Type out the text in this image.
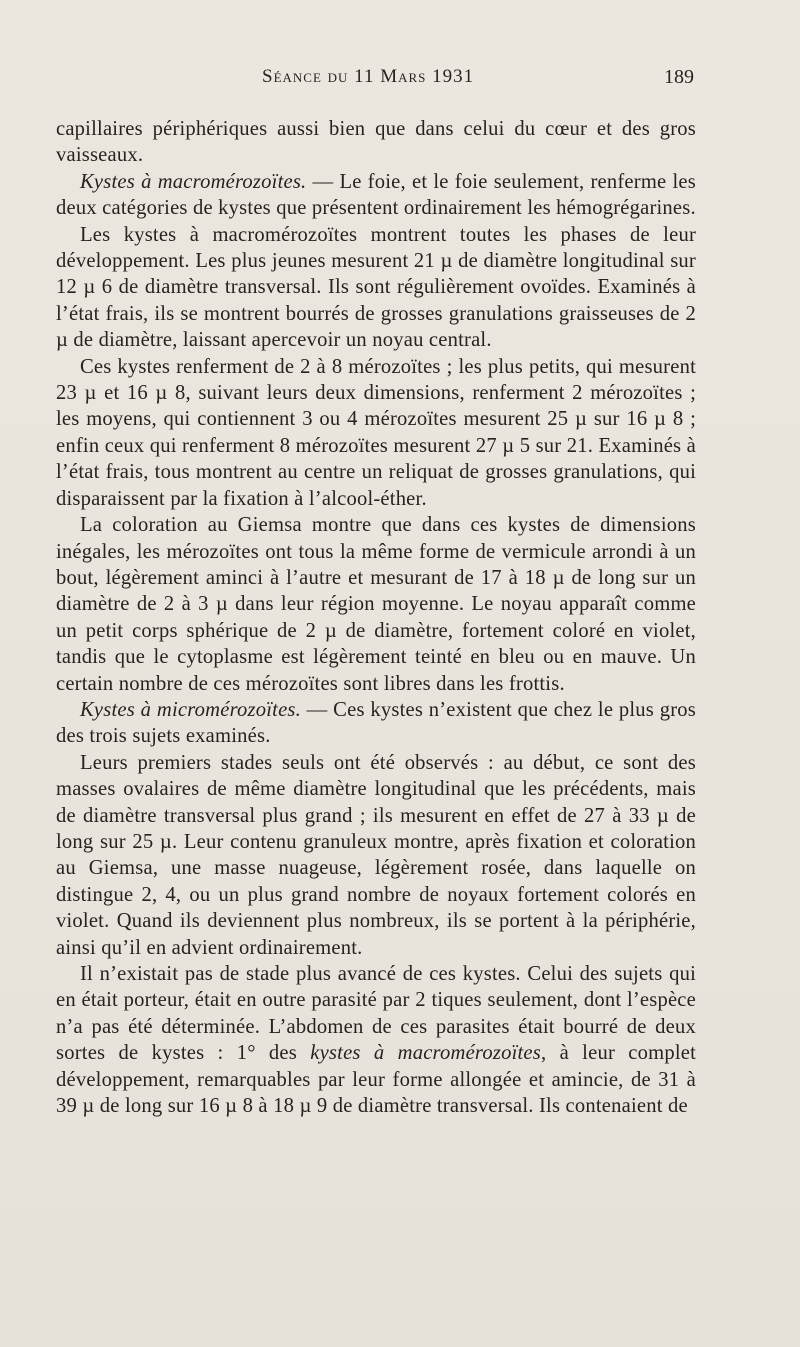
Séance du 11 Mars 1931	189

capillaires périphériques aussi bien que dans celui du cœur et des gros vaisseaux.

Kystes à macromérozoïtes. — Le foie, et le foie seulement, renferme les deux catégories de kystes que présentent ordinairement les hémogrégarines.

Les kystes à macromérozoïtes montrent toutes les phases de leur développement. Les plus jeunes mesurent 21 µ de diamètre longitudinal sur 12 µ 6 de diamètre transversal. Ils sont régulièrement ovoïdes. Examinés à l’état frais, ils se montrent bourrés de grosses granulations graisseuses de 2 µ de diamètre, laissant apercevoir un noyau central.

Ces kystes renferment de 2 à 8 mérozoïtes ; les plus petits, qui mesurent 23 µ et 16 µ 8, suivant leurs deux dimensions, renferment 2 mérozoïtes ; les moyens, qui contiennent 3 ou 4 mérozoïtes mesurent 25 µ sur 16 µ 8 ; enfin ceux qui renferment 8 mérozoïtes mesurent 27 µ 5 sur 21. Examinés à l’état frais, tous montrent au centre un reliquat de grosses granulations, qui disparaissent par la fixation à l’alcool-éther.

La coloration au Giemsa montre que dans ces kystes de dimensions inégales, les mérozoïtes ont tous la même forme de vermicule arrondi à un bout, légèrement aminci à l’autre et mesurant de 17 à 18 µ de long sur un diamètre de 2 à 3 µ dans leur région moyenne. Le noyau apparaît comme un petit corps sphérique de 2 µ de diamètre, fortement coloré en violet, tandis que le cytoplasme est légèrement teinté en bleu ou en mauve. Un certain nombre de ces mérozoïtes sont libres dans les frottis.

Kystes à micromérozoïtes. — Ces kystes n’existent que chez le plus gros des trois sujets examinés.

Leurs premiers stades seuls ont été observés : au début, ce sont des masses ovalaires de même diamètre longitudinal que les précédents, mais de diamètre transversal plus grand ; ils mesurent en effet de 27 à 33 µ de long sur 25 µ. Leur contenu granuleux montre, après fixation et coloration au Giemsa, une masse nuageuse, légèrement rosée, dans laquelle on distingue 2, 4, ou un plus grand nombre de noyaux fortement colorés en violet. Quand ils deviennent plus nombreux, ils se portent à la périphérie, ainsi qu’il en advient ordinairement.

Il n’existait pas de stade plus avancé de ces kystes. Celui des sujets qui en était porteur, était en outre parasité par 2 tiques seulement, dont l’espèce n’a pas été déterminée. L’abdomen de ces parasites était bourré de deux sortes de kystes : 1° des kystes à macromérozoïtes, à leur complet développement, remarquables par leur forme allongée et amincie, de 31 à 39 µ de long sur 16 µ 8 à 18 µ 9 de diamètre transversal. Ils contenaient de
